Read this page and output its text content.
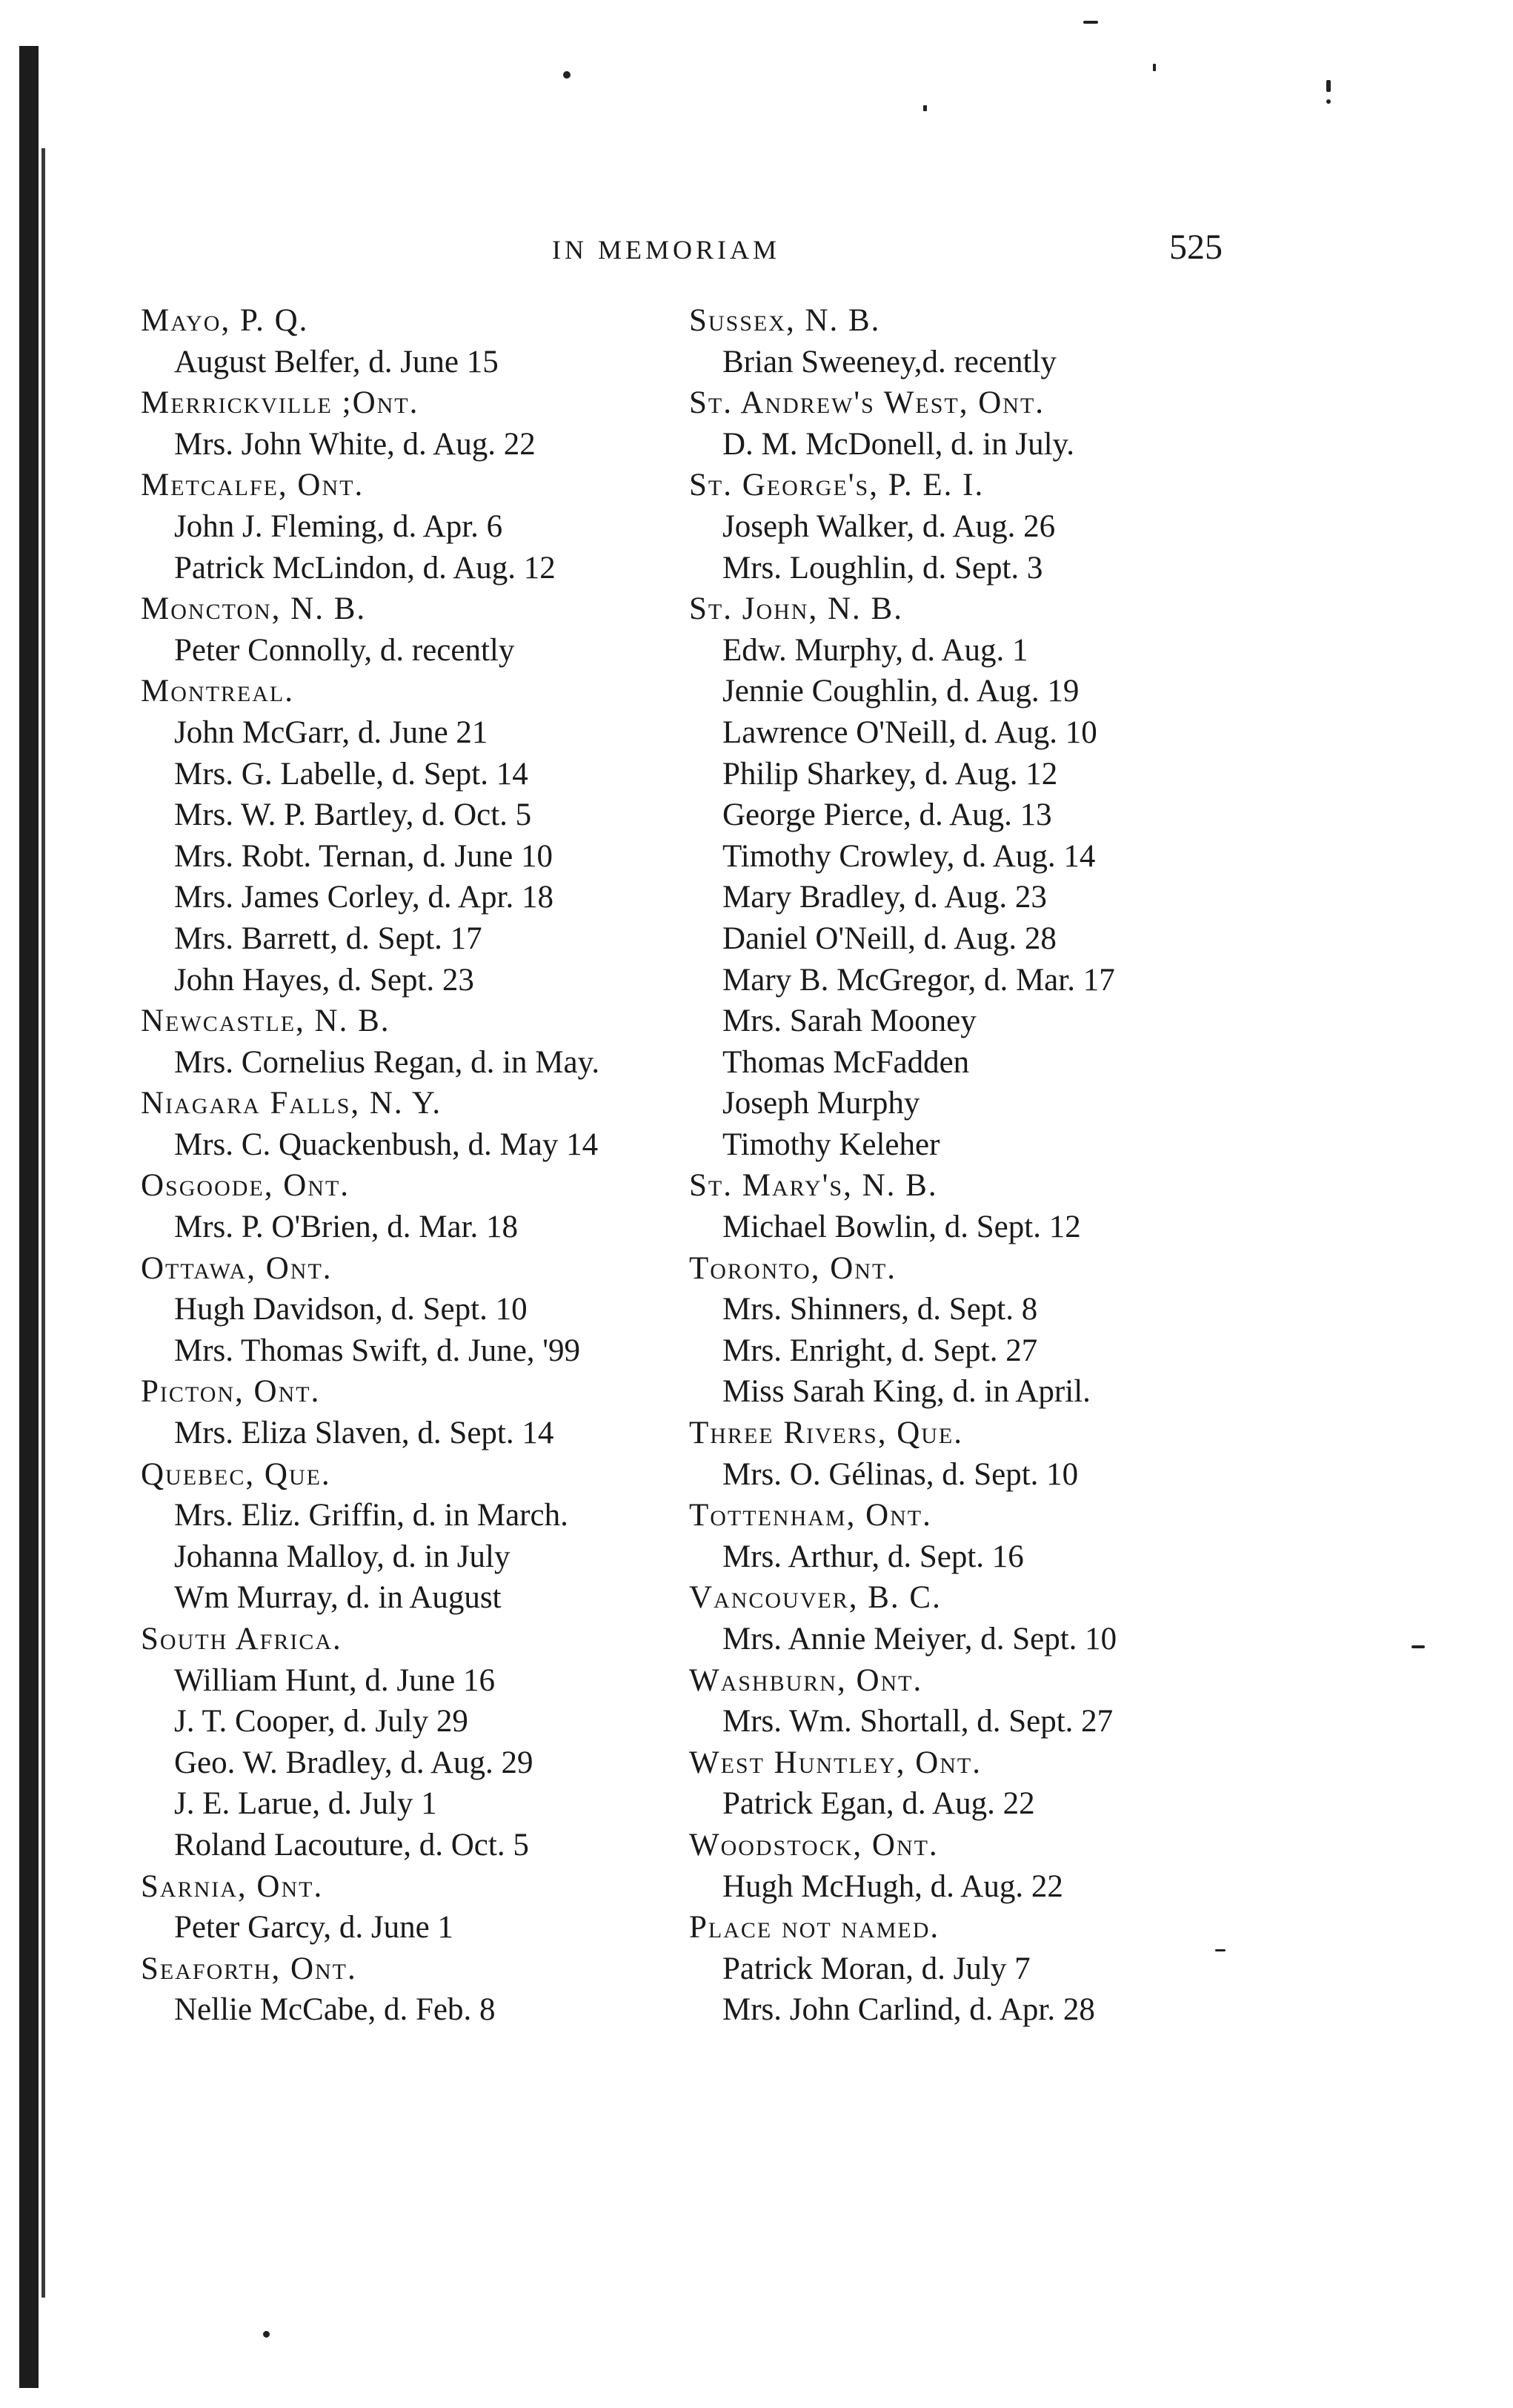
IN MEMORIAM	525
Mayo, P. Q.
August Belfer, d. June 15
Merrickville ;Ont.
Mrs. John White, d. Aug. 22
Metcalfe, Ont.
John J. Fleming, d. Apr. 6
Patrick McLindon, d. Aug. 12
Moncton, N. B.
Peter Connolly, d. recently
Montreal.
John McGarr, d. June 21
Mrs. G. Labelle, d. Sept. 14
Mrs. W. P. Bartley, d. Oct. 5
Mrs. Robt. Ternan, d. June 10
Mrs. James Corley, d. Apr. 18
Mrs. Barrett, d. Sept. 17
John Hayes, d. Sept. 23
Newcastle, N. B.
Mrs. Cornelius Regan, d. in May.
Niagara Falls, N. Y.
Mrs. C. Quackenbush, d. May 14
Osgoode, Ont.
Mrs. P. O'Brien, d. Mar. 18
Ottawa, Ont.
Hugh Davidson, d. Sept. 10
Mrs. Thomas Swift, d. June, '99
Picton, Ont.
Mrs. Eliza Slaven, d. Sept. 14
Quebec, Que.
Mrs. Eliz. Griffin, d. in March.
Johanna Malloy, d. in July
Wm Murray, d. in August
South Africa.
William Hunt, d. June 16
J. T. Cooper, d. July 29
Geo. W. Bradley, d. Aug. 29
J. E. Larue, d. July 1
Roland Lacouture, d. Oct. 5
Sarnia, Ont.
Peter Garcy, d. June 1
Seaforth, Ont.
Nellie McCabe, d. Feb. 8
Sussex, N. B.
Brian Sweeney,d. recently
St. Andrew's West, Ont.
D. M. McDonell, d. in July.
St. George's, P. E. I.
Joseph Walker, d. Aug. 26
Mrs. Loughlin, d. Sept. 3
St. John, N. B.
Edw. Murphy, d. Aug. 1
Jennie Coughlin, d. Aug. 19
Lawrence O'Neill, d. Aug. 10
Philip Sharkey, d. Aug. 12
George Pierce, d. Aug. 13
Timothy Crowley, d. Aug. 14
Mary Bradley, d. Aug. 23
Daniel O'Neill, d. Aug. 28
Mary B. McGregor, d. Mar. 17
Mrs. Sarah Mooney
Thomas McFadden
Joseph Murphy
Timothy Keleher
St. Mary's, N. B.
Michael Bowlin, d. Sept. 12
Toronto, Ont.
Mrs. Shinners, d. Sept. 8
Mrs. Enright, d. Sept. 27
Miss Sarah King, d. in April.
Three Rivers, Que.
Mrs. O. Gélinas, d. Sept. 10
Tottenham, Ont.
Mrs. Arthur, d. Sept. 16
Vancouver, B. C.
Mrs. Annie Meiyer, d. Sept. 10
Washburn, Ont.
Mrs. Wm. Shortall, d. Sept. 27
West Huntley, Ont.
Patrick Egan, d. Aug. 22
Woodstock, Ont.
Hugh McHugh, d. Aug. 22
Place not named.
Patrick Moran, d. July 7
Mrs. John Carlind, d. Apr. 28
